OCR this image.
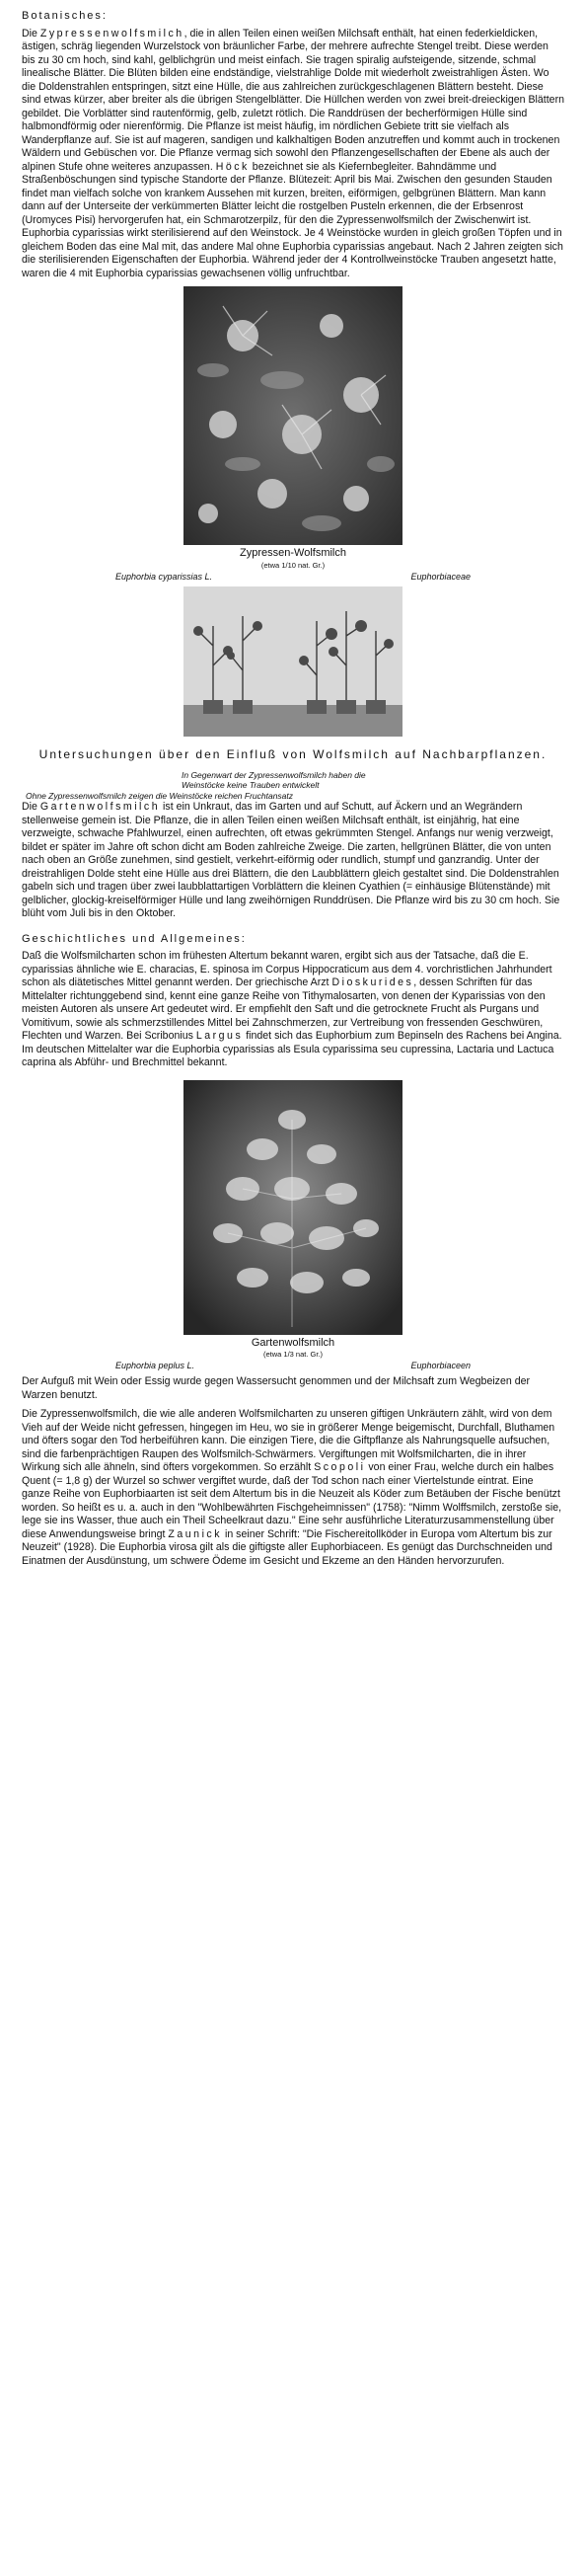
Botanisches:

Die Zypressenwolfsmilch, die in allen Teilen einen weißen Milchsaft enthält, hat einen federkieldicken, ästigen, schräg liegenden Wurzelstock von bräunlicher Farbe, der mehrere aufrechte Stengel treibt. Diese werden bis zu 30 cm hoch, sind kahl, gelblichgrün und meist einfach. Sie tragen spiralig aufsteigende, sitzende, schmal linealische Blätter. Die Blüten bilden eine endständige, vielstrahlige Dolde mit wiederholt zweistrahligen Ästen. Wo die Doldenstrahlen entspringen, sitzt eine Hülle, die aus zahlreichen zurückgeschlagenen Blättern besteht. Diese sind etwas kürzer, aber breiter als die übrigen Stengelblätter. Die Hüllchen werden von zwei breit-dreieckigen Blättern gebildet. Die Vorblätter sind rautenförmig, gelb, zuletzt rötlich. Die Randdrüsen der becherförmigen Hülle sind halbmondförmig oder nierenförmig. Die Pflanze ist meist häufig, im nördlichen Gebiete tritt sie vielfach als Wanderpflanze auf. Sie ist auf mageren, sandigen und kalkhaltigen Boden anzutreffen und kommt auch in trockenen Wäldern und Gebüschen vor. Die Pflanze vermag sich sowohl den Pflanzengesellschaften der Ebene als auch der alpinen Stufe ohne weiteres anzupassen. Höck bezeichnet sie als Kiefernbegleiter. Bahndämme und Straßenböschungen sind typische Standorte der Pflanze. Blütezeit: April bis Mai. Zwischen den gesunden Stauden findet man vielfach solche von krankem Aussehen mit kurzen, breiten, eiförmigen, gelbgrünen Blättern. Man kann dann auf der Unterseite der verkümmerten Blätter leicht die rostgelben Pusteln erkennen, die der Erbsenrost (Uromyces Pisi) hervorgerufen hat, ein Schmarotzerpilz, für den die Zypressenwolfsmilch der Zwischenwirt ist. Euphorbia cyparissias wirkt sterilisierend auf den Weinstock. Je 4 Weinstöcke wurden in gleich großen Töpfen und in gleichem Boden das eine Mal mit, das andere Mal ohne Euphorbia cyparissias angebaut. Nach 2 Jahren zeigten sich die sterilisierenden Eigenschaften der Euphorbia. Während jeder der 4 Kontrollweinstöcke Trauben angesetzt hatte, waren die 4 mit Euphorbia cyparissias gewachsenen völlig unfruchtbar.

Zypressen-Wolfsmilch

(etwa 1/10 nat. Gr.)

Euphorbia cyparissias L.	Euphorbiaceae

Untersuchungen über den Einfluß von Wolfsmilch auf Nachbarpflanzen.

In Gegenwart der Zypressenwolfsmilch haben die

Weinstöcke keine Trauben entwickelt

Ohne Zypressenwolfsmilch zeigen die Weinstöcke reichen Fruchtansatz

Die Gartenwolfsmilch ist ein Unkraut, das im Garten und auf Schutt, auf Äckern und an Wegrändern stellenweise gemein ist. Die Pflanze, die in allen Teilen einen weißen Milchsaft enthält, ist einjährig, hat eine verzweigte, schwache Pfahlwurzel, einen aufrechten, oft etwas gekrümmten Stengel. Anfangs nur wenig verzweigt, bildet er später im Jahre oft schon dicht am Boden zahlreiche Zweige. Die zarten, hellgrünen Blätter, die von unten nach oben an Größe zunehmen, sind gestielt, verkehrt-eiförmig oder rundlich, stumpf und ganzrandig. Unter der dreistrahligen Dolde steht eine Hülle aus drei Blättern, die den Laubblättern gleich gestaltet sind. Die Doldenstrahlen gabeln sich und tragen über zwei laubblattartigen Vorblättern die kleinen Cyathien (= einhäusige Blütenstände) mit gelblicher, glockig-kreiselförmiger Hülle und lang zweihörnigen Runddrüsen. Die Pflanze wird bis zu 30 cm hoch. Sie blüht vom Juli bis in den Oktober.

Geschichtliches und Allgemeines:

Daß die Wolfsmilcharten schon im frühesten Altertum bekannt waren, ergibt sich aus der Tatsache, daß die E. cyparissias ähnliche wie E. characias, E. spinosa im Corpus Hippocraticum aus dem 4. vorchristlichen Jahrhundert schon als diätetisches Mittel genannt werden. Der griechische Arzt Dioskurides, dessen Schriften für das Mittelalter richtunggebend sind, kennt eine ganze Reihe von Tithymalosarten, von denen der Kyparissias von den meisten Autoren als unsere Art gedeutet wird. Er empfiehlt den Saft und die getrocknete Frucht als Purgans und Vomitivum, sowie als schmerzstillendes Mittel bei Zahnschmerzen, zur Vertreibung von fressenden Geschwüren, Flechten und Warzen. Bei Scribonius Largus findet sich das Euphorbium zum Bepinseln des Rachens bei Angina. Im deutschen Mittelalter war die Euphorbia cyparissias als Esula cyparissima seu cupressina, Lactaria und Lactuca caprina als Abführ- und Brechmittel bekannt.

Gartenwolfsmilch

(etwa 1/3 nat. Gr.)

Euphorbia peplus L.	Euphorbiaceen

Der Aufguß mit Wein oder Essig wurde gegen Wassersucht genommen und der Milchsaft zum Wegbeizen der Warzen benutzt.

Die Zypressenwolfsmilch, die wie alle anderen Wolfsmilcharten zu unseren giftigen Unkräutern zählt, wird von dem Vieh auf der Weide nicht gefressen, hingegen im Heu, wo sie in größerer Menge beigemischt, Durchfall, Bluthamen und öfters sogar den Tod herbeiführen kann. Die einzigen Tiere, die die Giftpflanze als Nahrungsquelle aufsuchen, sind die farbenprächtigen Raupen des Wolfsmilch-Schwärmers. Vergiftungen mit Wolfsmilcharten, die in ihrer Wirkung sich alle ähneln, sind öfters vorgekommen. So erzählt Scopoli von einer Frau, welche durch ein halbes Quent (= 1,8 g) der Wurzel so schwer vergiftet wurde, daß der Tod schon nach einer Viertelstunde eintrat. Eine ganze Reihe von Euphorbiaarten ist seit dem Altertum bis in die Neuzeit als Köder zum Betäuben der Fische benützt worden. So heißt es u. a. auch in den "Wohlbewährten Fischgeheimnissen" (1758): "Nimm Wolffsmilch, zerstoße sie, lege sie ins Wasser, thue auch ein Theil Scheelkraut dazu." Eine sehr ausführliche Literaturzusammenstellung über diese Anwendungsweise bringt Zaunick in seiner Schrift: "Die Fischereitollköder in Europa vom Altertum bis zur Neuzeit" (1928). Die Euphorbia virosa gilt als die giftigste aller Euphorbiaceen. Es genügt das Durchschneiden und Einatmen der Ausdünstung, um schwere Ödeme im Gesicht und Ekzeme an den Händen hervorzurufen.
